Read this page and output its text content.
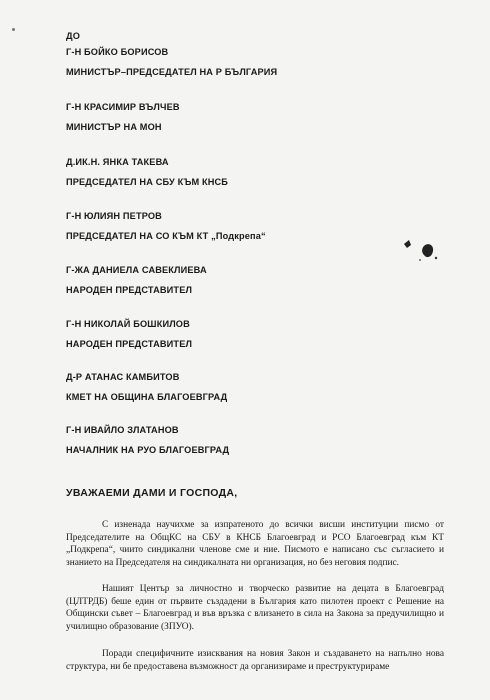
ДО
Г-Н БОЙКО БОРИСОВ
МИНИСТЪР–ПРЕДСЕДАТЕЛ НА Р БЪЛГАРИЯ
Г-Н КРАСИМИР ВЪЛЧЕВ
МИНИСТЪР НА МОН
Д.ИК.Н. ЯНКА ТАКЕВА
ПРЕДСЕДАТЕЛ НА СБУ КЪМ КНСБ
Г-Н ЮЛИЯН ПЕТРОВ
ПРЕДСЕДАТЕЛ НА СО КЪМ КТ „Подкрепа“
Г-ЖА ДАНИЕЛА САВЕКЛИЕВА
НАРОДЕН ПРЕДСТАВИТЕЛ
Г-Н НИКОЛАЙ БОШКИЛОВ
НАРОДЕН ПРЕДСТАВИТЕЛ
Д-Р АТАНАС КАМБИТОВ
КМЕТ НА ОБЩИНА БЛАГОЕВГРАД
Г-Н ИВАЙЛО ЗЛАТАНОВ
НАЧАЛНИК НА РУО БЛАГОЕВГРАД
УВАЖАЕМИ ДАМИ И ГОСПОДА,

С изненада научихме за изпратеното до всички висши институции писмо от Председателите на ОбщКС на СБУ в КНСБ Благоевград и РСО Благоевград към КТ „Подкрепа“, чиито синдикални членове сме и ние. Писмото е написано със съгласието и знанието на Председателя на синдикалната ни организация, но без неговия подпис.

Нашият Център за личностно и творческо развитие на децата в Благоевград (ЦЛТРДБ) беше един от първите създадени в България като пилотен проект с Решение на Общински съвет – Благоевград и във връзка с влизането в сила на Закона за предучилищно и училищно образование (ЗПУО).

Поради специфичните изисквания на новия Закон и създаването на напълно нова структура, ни бе предоставена възможност да организираме и преструктурираме
